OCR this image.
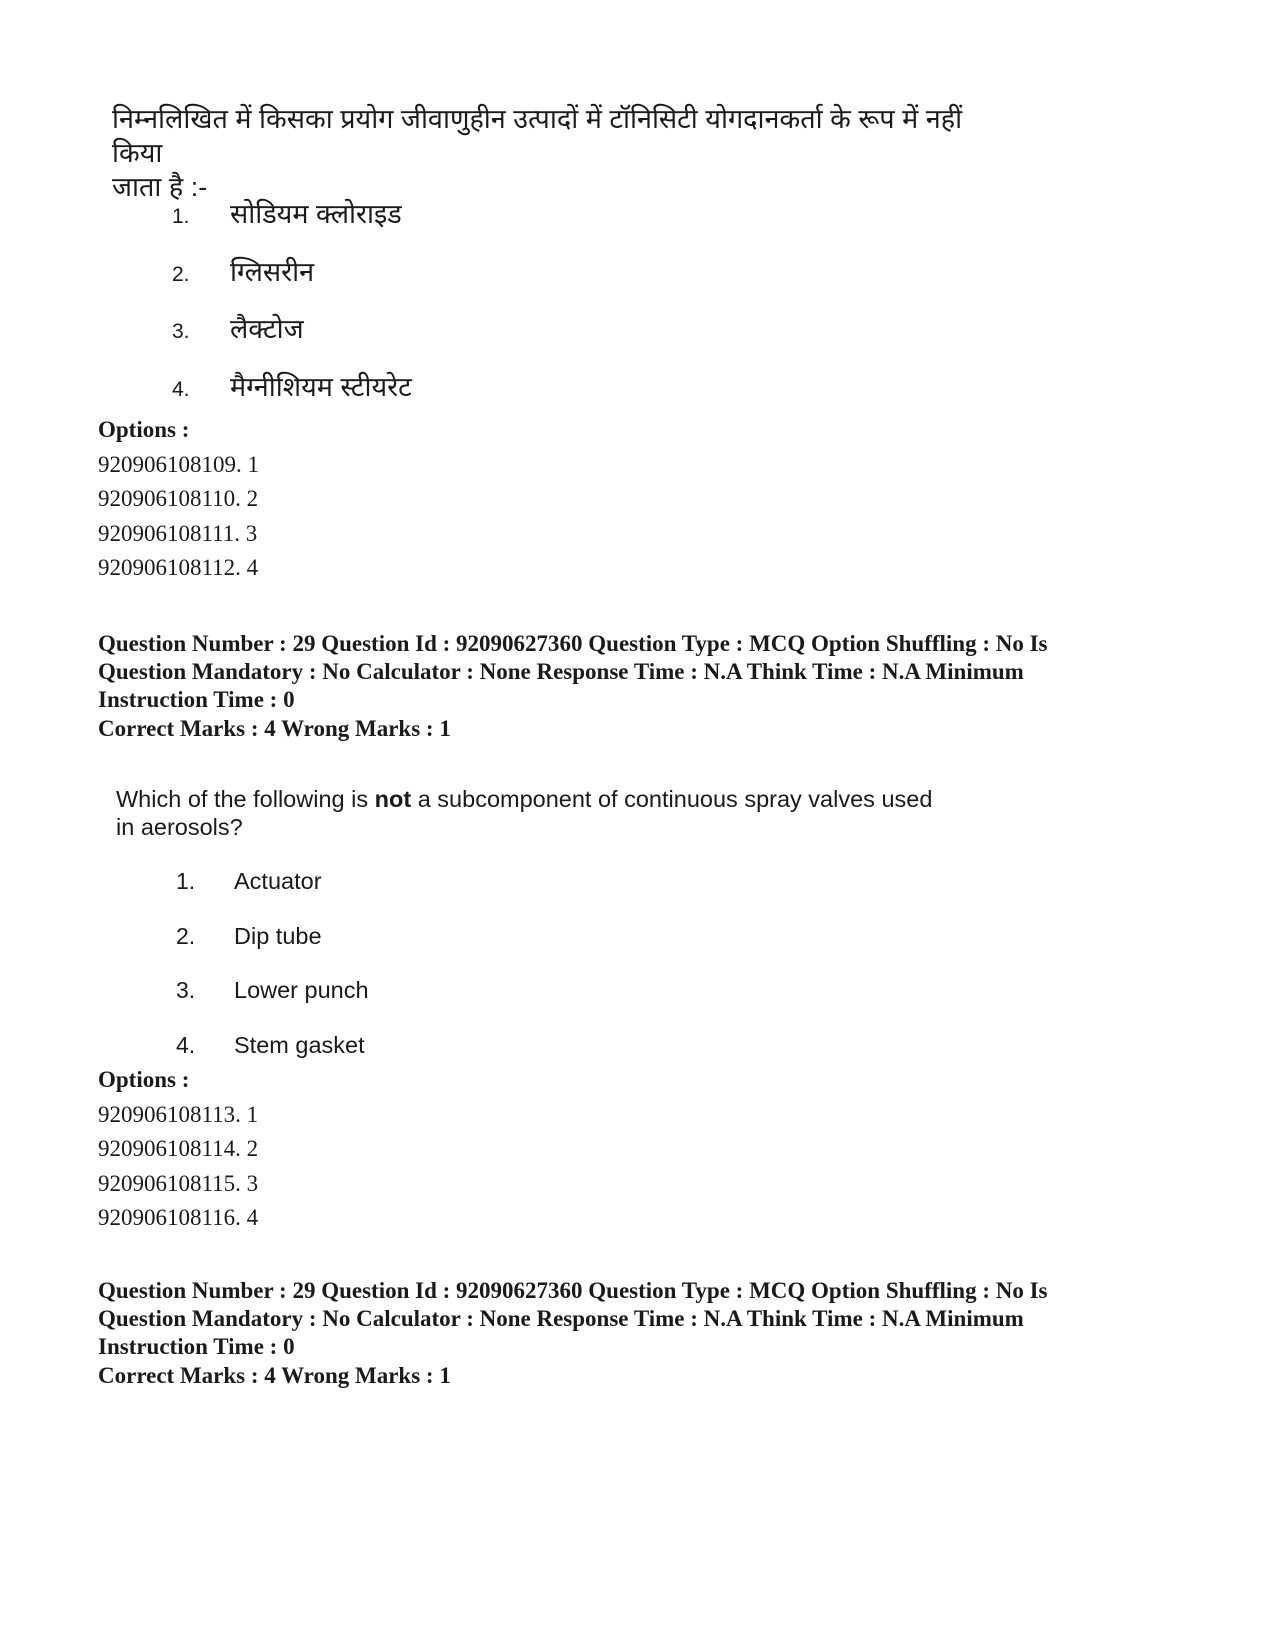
निम्नलिखित में किसका प्रयोग जीवाणुहीन उत्पादों में टॉनिसिटी योगदानकर्ता के रूप में नहीं किया
जाता है :-
1.	सोडियम क्लोराइड
2.	ग्लिसरीन
3.	लैक्टोज
4.	मैग्नीशियम स्टीयरेट
Options :
920906108109. 1
920906108110. 2
920906108111. 3
920906108112. 4
Question Number : 29 Question Id : 92090627360 Question Type : MCQ Option Shuffling : No Is
Question Mandatory : No Calculator : None Response Time : N.A Think Time : N.A Minimum
Instruction Time : 0
Correct Marks : 4 Wrong Marks : 1
Which of the following is not a subcomponent of continuous spray valves used
in aerosols?
1.	Actuator
2.	Dip tube
3.	Lower punch
4.	Stem gasket
Options :
920906108113. 1
920906108114. 2
920906108115. 3
920906108116. 4
Question Number : 29 Question Id : 92090627360 Question Type : MCQ Option Shuffling : No Is
Question Mandatory : No Calculator : None Response Time : N.A Think Time : N.A Minimum
Instruction Time : 0
Correct Marks : 4 Wrong Marks : 1
